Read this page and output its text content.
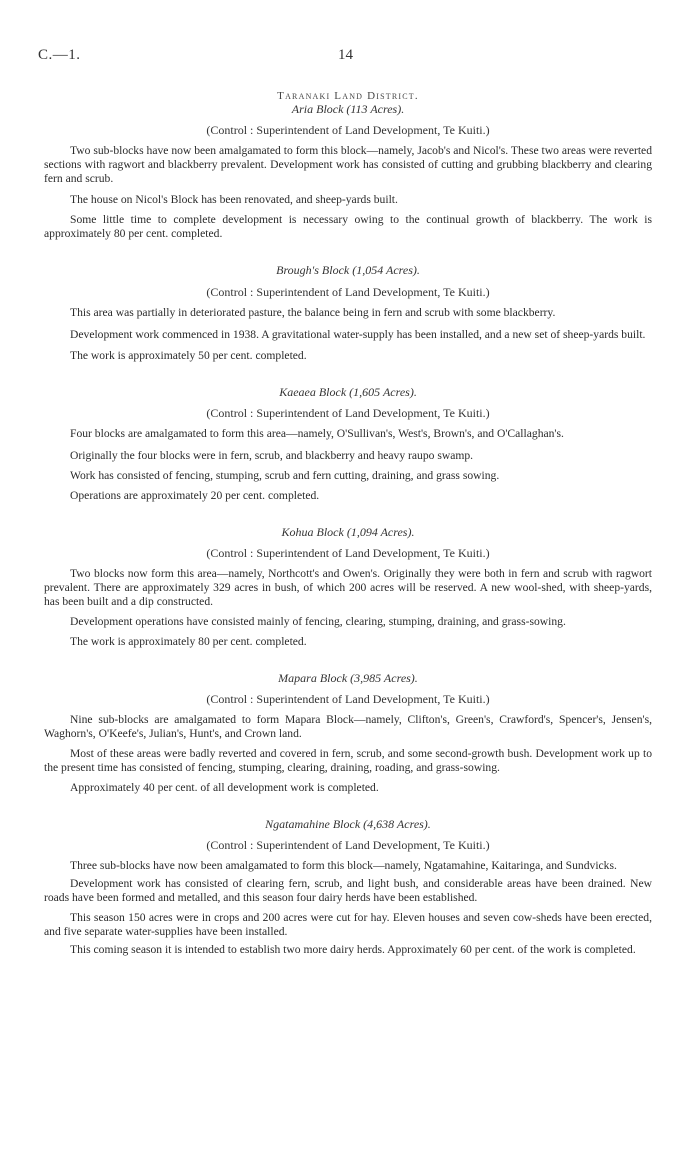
C.—1.	14

Taranaki Land District.

Aria Block (113 Acres).

(Control : Superintendent of Land Development, Te Kuiti.)

Two sub-blocks have now been amalgamated to form this block—namely, Jacob's and Nicol's. These two areas were reverted sections with ragwort and blackberry prevalent. Development work has consisted of cutting and grubbing blackberry and clearing fern and scrub.

The house on Nicol's Block has been renovated, and sheep-yards built.

Some little time to complete development is necessary owing to the continual growth of blackberry. The work is approximately 80 per cent. completed.

Brough's Block (1,054 Acres).

(Control : Superintendent of Land Development, Te Kuiti.)

This area was partially in deteriorated pasture, the balance being in fern and scrub with some blackberry.

Development work commenced in 1938. A gravitational water-supply has been installed, and a new set of sheep-yards built.

The work is approximately 50 per cent. completed.

Kaeaea Block (1,605 Acres).

(Control : Superintendent of Land Development, Te Kuiti.)

Four blocks are amalgamated to form this area—namely, O'Sullivan's, West's, Brown's, and O'Callaghan's.

Originally the four blocks were in fern, scrub, and blackberry and heavy raupo swamp.

Work has consisted of fencing, stumping, scrub and fern cutting, draining, and grass sowing.

Operations are approximately 20 per cent. completed.

Kohua Block (1,094 Acres).

(Control : Superintendent of Land Development, Te Kuiti.)

Two blocks now form this area—namely, Northcott's and Owen's. Originally they were both in fern and scrub with ragwort prevalent. There are approximately 329 acres in bush, of which 200 acres will be reserved. A new wool-shed, with sheep-yards, has been built and a dip constructed.

Development operations have consisted mainly of fencing, clearing, stumping, draining, and grass-sowing.

The work is approximately 80 per cent. completed.

Mapara Block (3,985 Acres).

(Control : Superintendent of Land Development, Te Kuiti.)

Nine sub-blocks are amalgamated to form Mapara Block—namely, Clifton's, Green's, Crawford's, Spencer's, Jensen's, Waghorn's, O'Keefe's, Julian's, Hunt's, and Crown land.

Most of these areas were badly reverted and covered in fern, scrub, and some second-growth bush. Development work up to the present time has consisted of fencing, stumping, clearing, draining, roading, and grass-sowing.

Approximately 40 per cent. of all development work is completed.

Ngatamahine Block (4,638 Acres).

(Control : Superintendent of Land Development, Te Kuiti.)

Three sub-blocks have now been amalgamated to form this block—namely, Ngatamahine, Kaitaringa, and Sundvicks.

Development work has consisted of clearing fern, scrub, and light bush, and considerable areas have been drained. New roads have been formed and metalled, and this season four dairy herds have been established.

This season 150 acres were in crops and 200 acres were cut for hay. Eleven houses and seven cow-sheds have been erected, and five separate water-supplies have been installed.

This coming season it is intended to establish two more dairy herds. Approximately 60 per cent. of the work is completed.
